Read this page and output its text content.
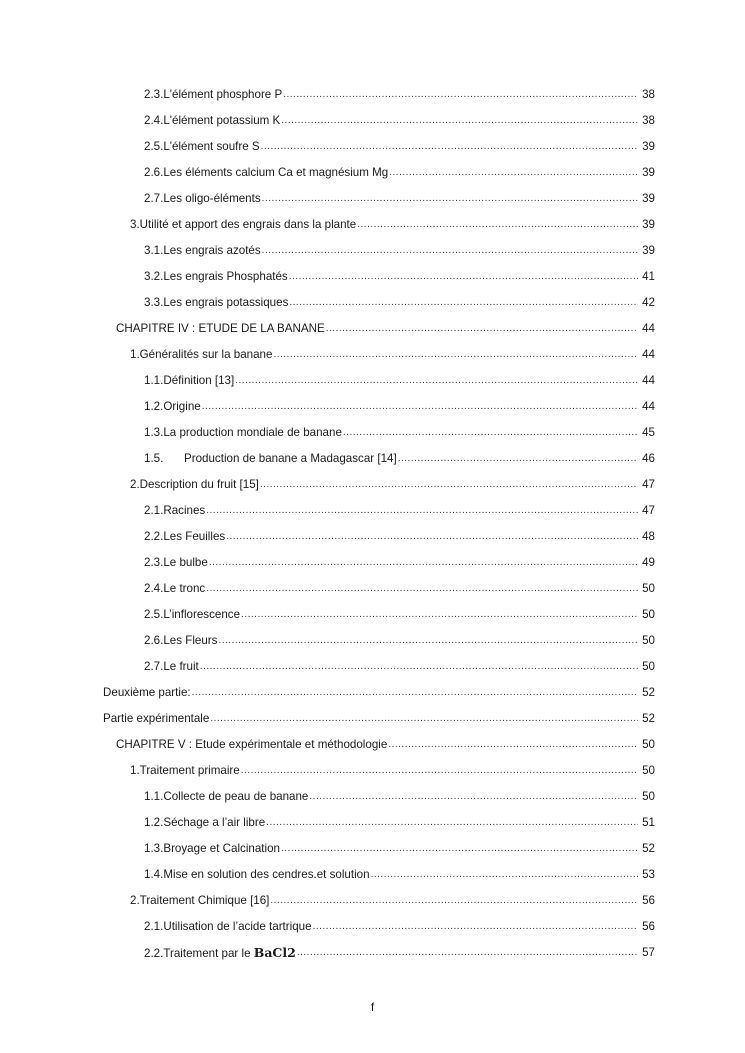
2.3.L'élément phosphore P .....	38
2.4.L'élément potassium K .....	38
2.5.L'élément soufre S .....	39
2.6.Les éléments calcium Ca et magnésium Mg .....	39
2.7.Les oligo-éléments .....	39
3.Utilité et apport des engrais dans la plante .....	39
3.1.Les engrais azotés .....	39
3.2.Les engrais Phosphatés .....	41
3.3.Les engrais potassiques .....	42
CHAPITRE IV : ETUDE DE LA BANANE .....	44
1.Généralités sur la banane .....	44
1.1.Définition [13] .....	44
1.2.Origine .....	44
1.3.La production mondiale de banane .....	45
1.5. Production de banane a Madagascar [14] .....	46
2.Description du fruit [15] .....	47
2.1.Racines .....	47
2.2.Les Feuilles .....	48
2.3.Le bulbe .....	49
2.4.Le tronc .....	50
2.5.L’inflorescence .....	50
2.6.Les Fleurs .....	50
2.7.Le fruit .....	50
Deuxième partie: .....	52
Partie expérimentale .....	52
CHAPITRE V : Etude expérimentale et méthodologie .....	50
1.Traitement primaire .....	50
1.1.Collecte de peau de banane .....	50
1.2.Séchage a l’air libre .....	51
1.3.Broyage et Calcination .....	52
1.4.Mise en solution des cendres.et solution .....	53
2.Traitement Chimique [16] .....	56
2.1.Utilisation de l’acide tartrique .....	56
2.2.Traitement par le BaCl2 .....	57
f
